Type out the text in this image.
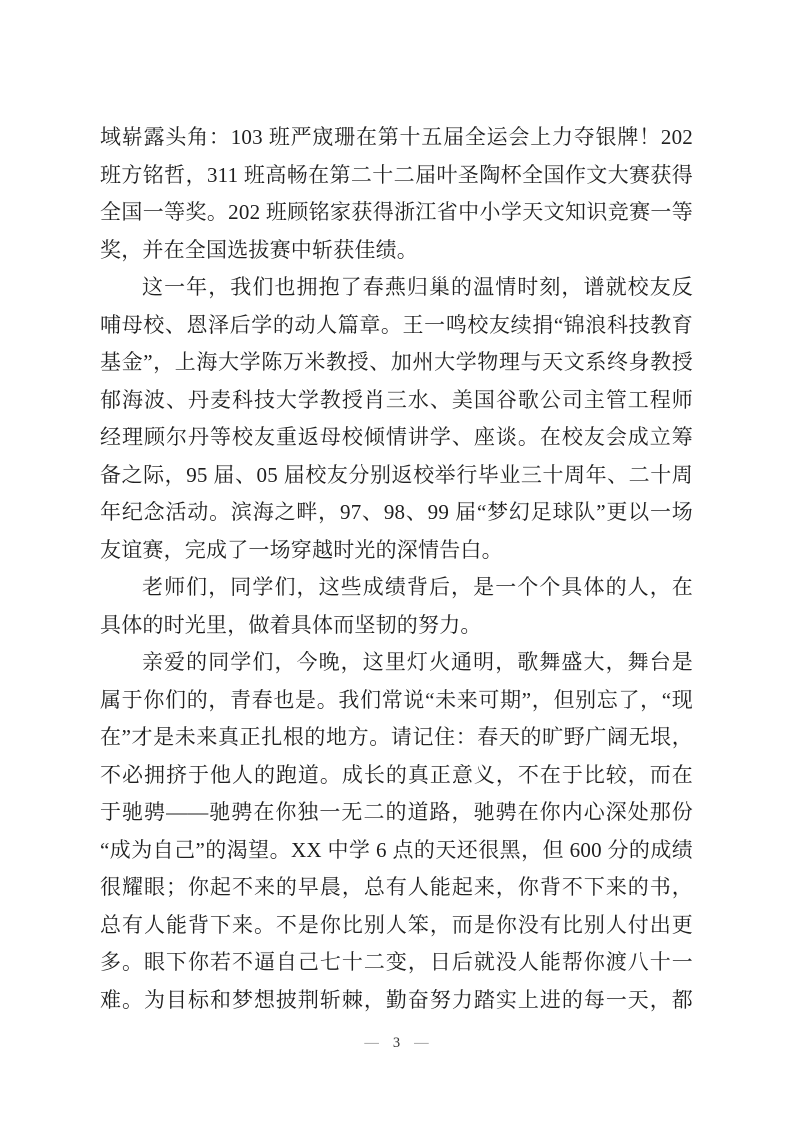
域崭露头角：103 班严宬珊在第十五届全运会上力夺银牌！202
班方铭哲，311 班高畅在第二十二届叶圣陶杯全国作文大赛获得
全国一等奖。202 班顾铭家获得浙江省中小学天文知识竞赛一等
奖，并在全国选拔赛中斩获佳绩。
这一年，我们也拥抱了春燕归巢的温情时刻，谱就校友反
哺母校、恩泽后学的动人篇章。王一鸣校友续捐“锦浪科技教育
基金”，上海大学陈万米教授、加州大学物理与天文系终身教授
郁海波、丹麦科技大学教授肖三水、美国谷歌公司主管工程师
经理顾尔丹等校友重返母校倾情讲学、座谈。在校友会成立筹
备之际，95 届、05 届校友分别返校举行毕业三十周年、二十周
年纪念活动。滨海之畔，97、98、99 届“梦幻足球队”更以一场
友谊赛，完成了一场穿越时光的深情告白。
老师们，同学们，这些成绩背后，是一个个具体的人，在
具体的时光里，做着具体而坚韧的努力。
亲爱的同学们，今晚，这里灯火通明，歌舞盛大，舞台是
属于你们的，青春也是。我们常说“未来可期”，但别忘了，“现
在”才是未来真正扎根的地方。请记住：春天的旷野广阔无垠，
不必拥挤于他人的跑道。成长的真正意义，不在于比较，而在
于驰骋——驰骋在你独一无二的道路，驰骋在你内心深处那份
“成为自己”的渴望。XX 中学 6 点的天还很黑，但 600 分的成绩
很耀眼；你起不来的早晨，总有人能起来，你背不下来的书，
总有人能背下来。不是你比别人笨，而是你没有比别人付出更
多。眼下你若不逼自己七十二变，日后就没人能帮你渡八十一
难。为目标和梦想披荆斩棘，勤奋努力踏实上进的每一天，都
— 3 —
